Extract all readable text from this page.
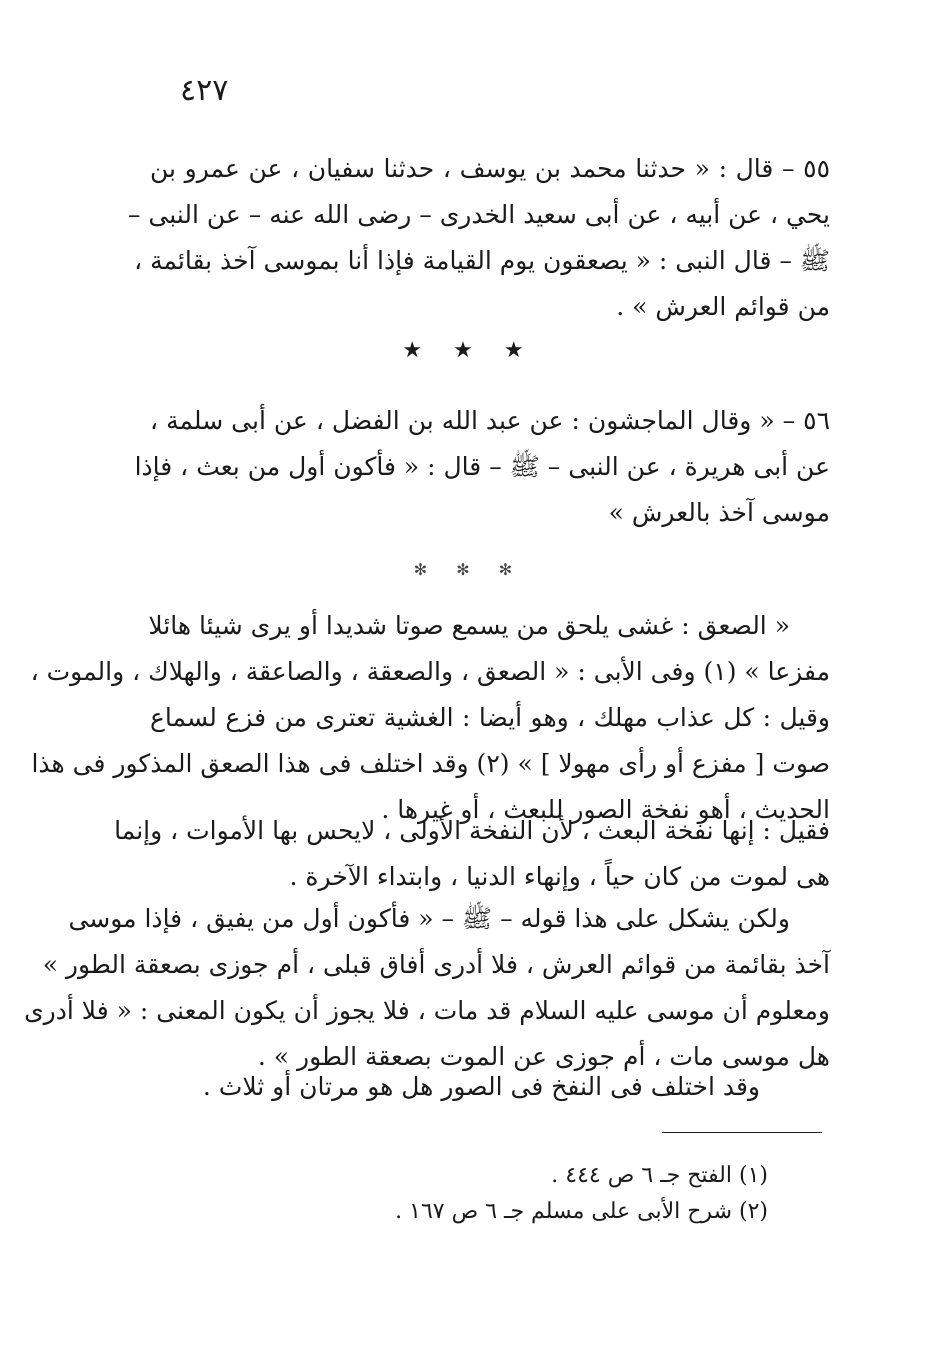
٤٢٧
٥٥ – قال : « حدثنا محمد بن يوسف ، حدثنا سفيان ، عن عمرو بن
يحي ، عن أبيه ، عن أبى سعيد الخدرى – رضى الله عنه – عن النبى –
ﷺ – قال النبى : « يصعقون يوم القيامة فإذا أنا بموسى آخذ بقائمة ،
من قوائم العرش » .
★ ★ ★
٥٦ – « وقال الماجشون : عن عبد الله بن الفضل ، عن أبى سلمة ،
عن أبى هريرة ، عن النبى – ﷺ – قال : « فأكون أول من بعث ، فإذا
موسى آخذ بالعرش »
✻ ✻ ✻
« الصعق : غشى يلحق من يسمع صوتا شديدا أو يرى شيئا هائلا
مفزعا » (١) وفى الأبى : « الصعق ، والصعقة ، والصاعقة ، والهلاك ، والموت ،
وقيل : كل عذاب مهلك ، وهو أيضا : الغشية تعترى من فزع لسماع
صوت [ مفزع أو رأى مهولا ] » (٢) وقد اختلف فى هذا الصعق المذكور فى هذا
الحديث ، أهو نفخة الصور للبعث ، أو غيرها .
فقيل : إنها نفخة البعث ، لأن النفخة الأولى ، لايحس بها الأموات ، وإنما
هى لموت من كان حياً ، وإنهاء الدنيا ، وابتداء الآخرة .
ولكن يشكل على هذا قوله – ﷺ – « فأكون أول من يفيق ، فإذا موسى
آخذ بقائمة من قوائم العرش ، فلا أدرى أفاق قبلى ، أم جوزى بصعقة الطور »
ومعلوم أن موسى عليه السلام قد مات ، فلا يجوز أن يكون المعنى : « فلا أدرى
هل موسى مات ، أم جوزى عن الموت بصعقة الطور » .
وقد اختلف فى النفخ فى الصور هل هو مرتان أو ثلاث .
(١) الفتح جـ ٦ ص ٤٤٤ .
(٢) شرح الأبى على مسلم جـ ٦ ص ١٦٧ .
